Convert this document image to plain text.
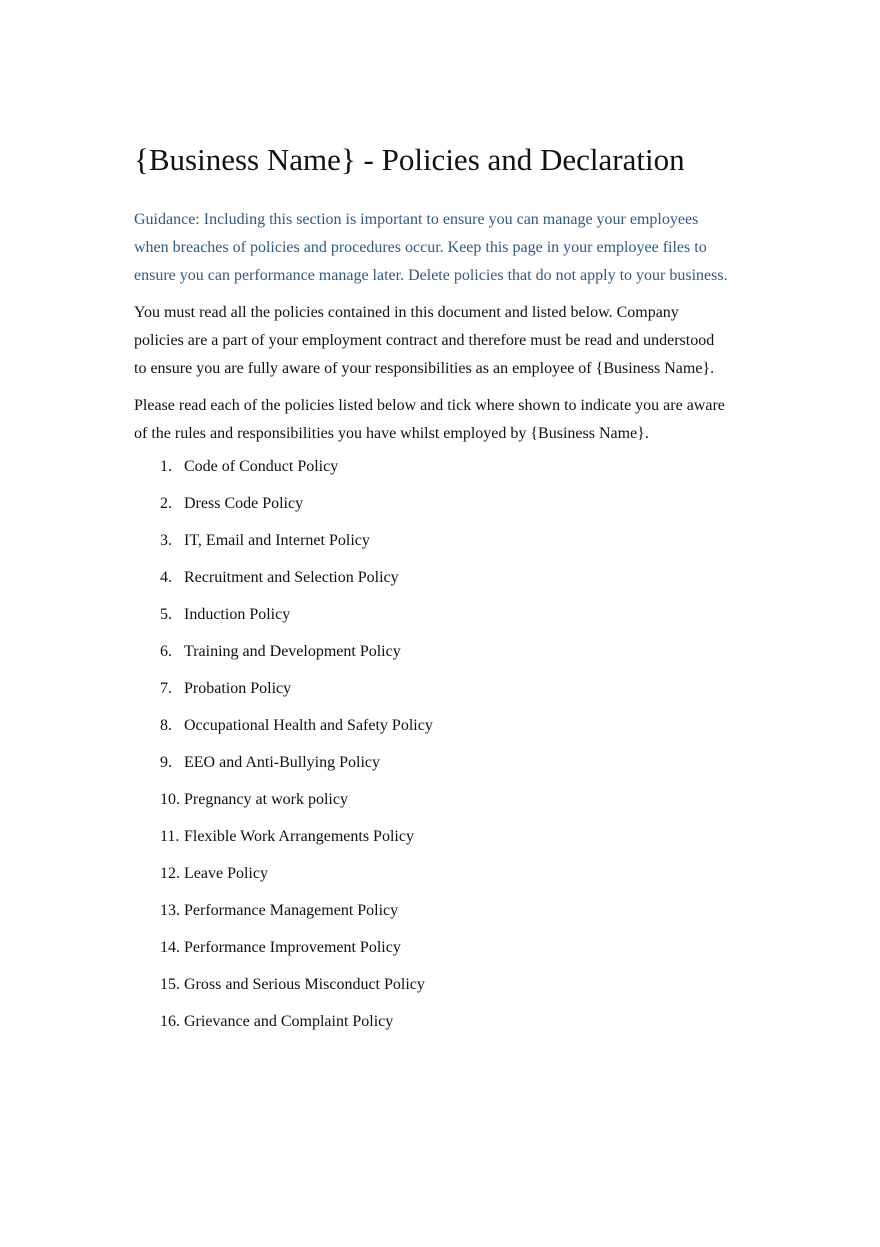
{Business Name} - Policies and Declaration

Guidance: Including this section is important to ensure you can manage your employees when breaches of policies and procedures occur. Keep this page in your employee files to ensure you can performance manage later. Delete policies that do not apply to your business.

You must read all the policies contained in this document and listed below. Company policies are a part of your employment contract and therefore must be read and understood to ensure you are fully aware of your responsibilities as an employee of {Business Name}.

Please read each of the policies listed below and tick where shown to indicate you are aware of the rules and responsibilities you have whilst employed by {Business Name}.

1. Code of Conduct Policy
2. Dress Code Policy
3. IT, Email and Internet Policy
4. Recruitment and Selection Policy
5. Induction Policy
6. Training and Development Policy
7. Probation Policy
8. Occupational Health and Safety Policy
9. EEO and Anti-Bullying Policy
10. Pregnancy at work policy
11. Flexible Work Arrangements Policy
12. Leave Policy
13. Performance Management Policy
14. Performance Improvement Policy
15. Gross and Serious Misconduct Policy
16. Grievance and Complaint Policy
